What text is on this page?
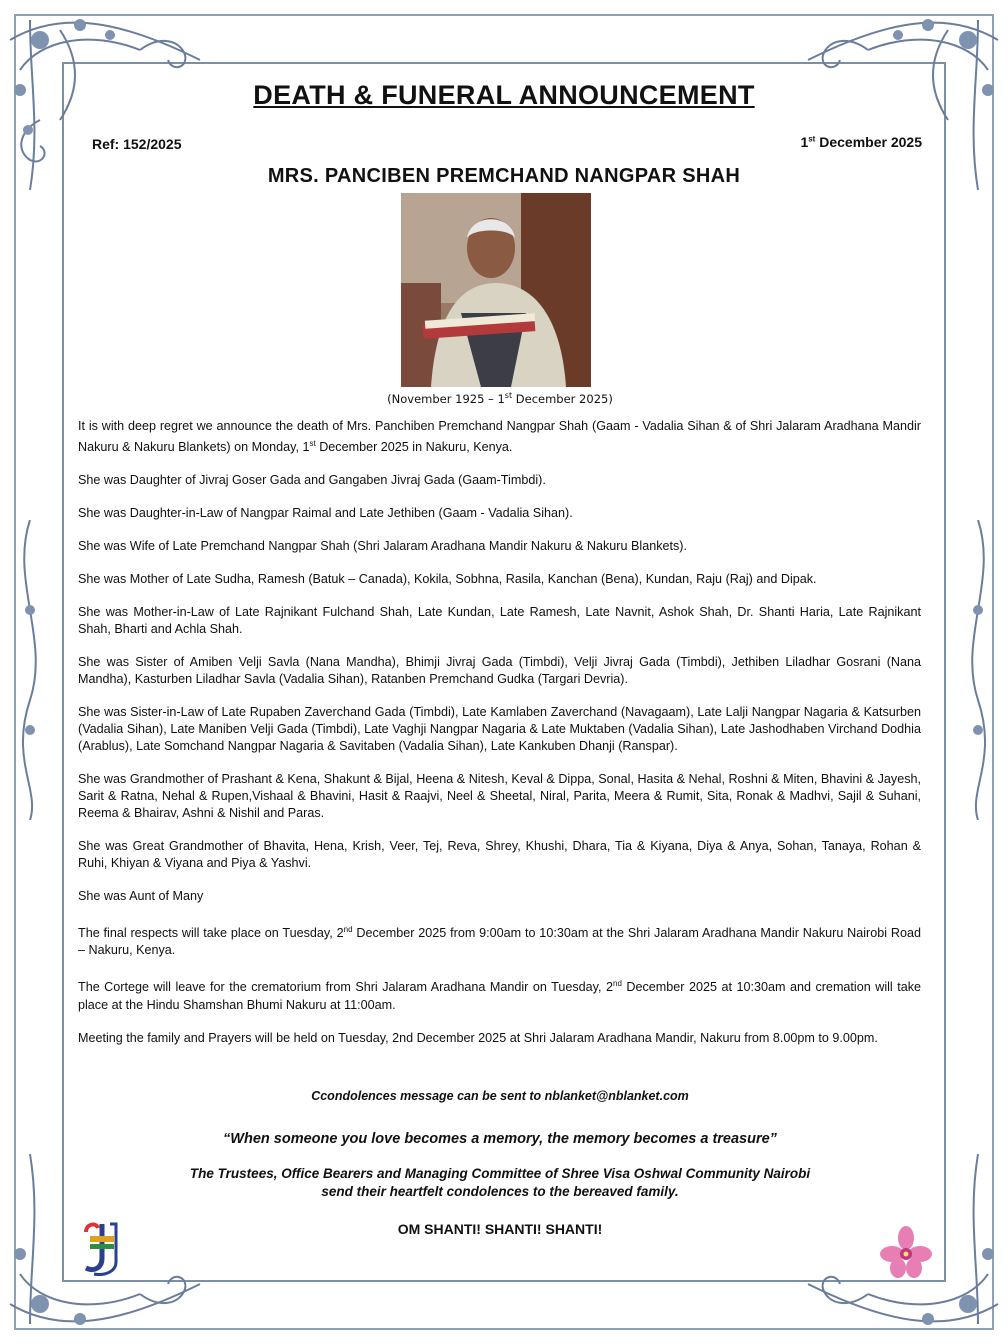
DEATH & FUNERAL ANNOUNCEMENT
Ref: 152/2025	1st December 2025
MRS. PANCIBEN PREMCHAND NANGPAR SHAH
(November 1925 – 1st December 2025)

It is with deep regret we announce the death of Mrs. Panchiben Premchand Nangpar Shah (Gaam - Vadalia Sihan & of Shri Jalaram Aradhana Mandir Nakuru & Nakuru Blankets) on Monday, 1st December 2025 in Nakuru, Kenya.

She was Daughter of Jivraj Goser Gada and Gangaben Jivraj Gada (Gaam-Timbdi).

She was Daughter-in-Law of Nangpar Raimal and Late Jethiben (Gaam - Vadalia Sihan).

She was Wife of Late Premchand Nangpar Shah (Shri Jalaram Aradhana Mandir Nakuru & Nakuru Blankets).

She was Mother of Late Sudha, Ramesh (Batuk – Canada), Kokila, Sobhna, Rasila, Kanchan (Bena), Kundan, Raju (Raj) and Dipak.

She was Mother-in-Law of Late Rajnikant Fulchand Shah, Late Kundan, Late Ramesh, Late Navnit, Ashok Shah, Dr. Shanti Haria, Late Rajnikant Shah, Bharti and Achla Shah.

She was Sister of Amiben Velji Savla (Nana Mandha), Bhimji Jivraj Gada (Timbdi), Velji Jivraj Gada (Timbdi), Jethiben Liladhar Gosrani (Nana Mandha), Kasturben Liladhar Savla (Vadalia Sihan), Ratanben Premchand Gudka (Targari Devria).

She was Sister-in-Law of Late Rupaben Zaverchand Gada (Timbdi), Late Kamlaben Zaverchand (Navagaam), Late Lalji Nangpar Nagaria & Katsurben (Vadalia Sihan), Late Maniben Velji Gada (Timbdi), Late Vaghji Nangpar Nagaria & Late Muktaben (Vadalia Sihan), Late Jashodhaben Virchand Dodhia (Arablus), Late Somchand Nangpar Nagaria & Savitaben (Vadalia Sihan), Late Kankuben Dhanji (Ranspar).

She was Grandmother of Prashant & Kena, Shakunt & Bijal, Heena & Nitesh, Keval & Dippa, Sonal, Hasita & Nehal, Roshni & Miten, Bhavini & Jayesh, Sarit & Ratna, Nehal & Rupen,Vishaal & Bhavini, Hasit & Raajvi, Neel & Sheetal, Niral, Parita, Meera & Rumit, Sita, Ronak & Madhvi, Sajil & Suhani, Reema & Bhairav, Ashni & Nishil and Paras.

She was Great Grandmother of Bhavita, Hena, Krish, Veer, Tej, Reva, Shrey, Khushi, Dhara, Tia & Kiyana, Diya & Anya, Sohan, Tanaya, Rohan & Ruhi, Khiyan & Viyana and Piya & Yashvi.

She was Aunt of Many

The final respects will take place on Tuesday, 2nd December 2025 from 9:00am to 10:30am at the Shri Jalaram Aradhana Mandir Nakuru Nairobi Road – Nakuru, Kenya.

The Cortege will leave for the crematorium from Shri Jalaram Aradhana Mandir on Tuesday, 2nd December 2025 at 10:30am and cremation will take place at the Hindu Shamshan Bhumi Nakuru at 11:00am.

Meeting the family and Prayers will be held on Tuesday, 2nd December 2025 at Shri Jalaram Aradhana Mandir, Nakuru from 8.00pm to 9.00pm.

Ccondolences message can be sent to nblanket@nblanket.com
“When someone you love becomes a memory, the memory becomes a treasure”
The Trustees, Office Bearers and Managing Committee of Shree Visa Oshwal Community Nairobi
send their heartfelt condolences to the bereaved family.
OM SHANTI! SHANTI! SHANTI!
